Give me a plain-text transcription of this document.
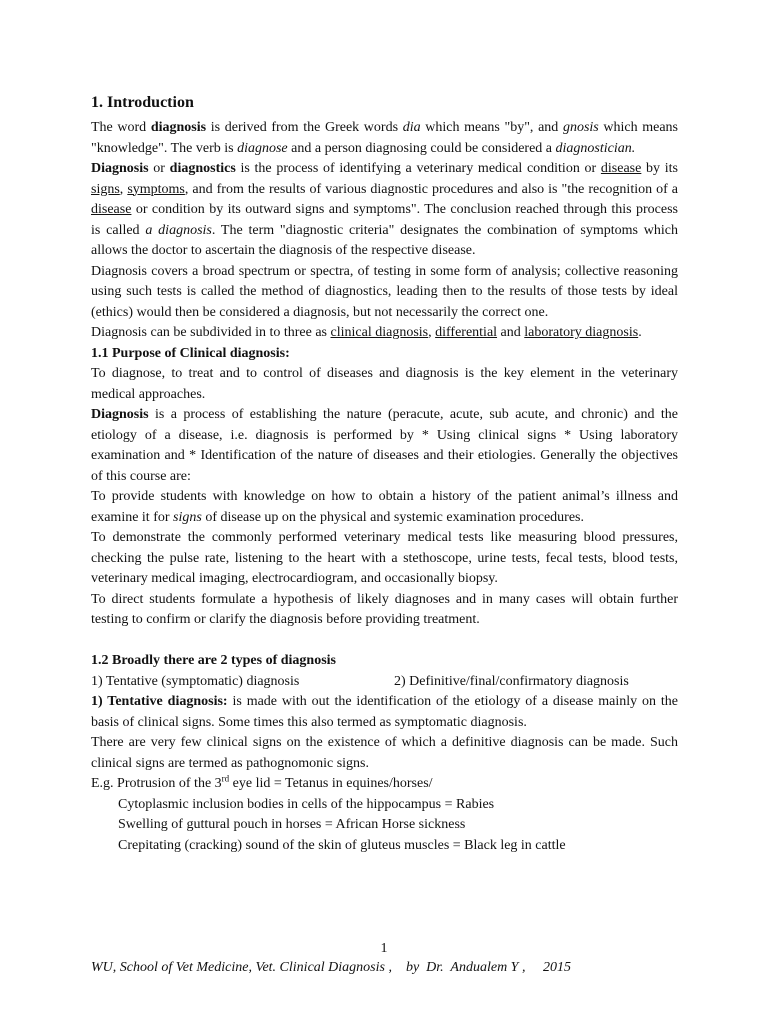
1. Introduction

The word diagnosis is derived from the Greek words dia which means "by", and gnosis which means "knowledge". The verb is diagnose and a person diagnosing could be considered a diagnostician.

Diagnosis or diagnostics is the process of identifying a veterinary medical condition or disease by its signs, symptoms, and from the results of various diagnostic procedures and also is "the recognition of a disease or condition by its outward signs and symptoms". The conclusion reached through this process is called a diagnosis. The term "diagnostic criteria" designates the combination of symptoms which allows the doctor to ascertain the diagnosis of the respective disease.

Diagnosis covers a broad spectrum or spectra, of testing in some form of analysis; collective reasoning using such tests is called the method of diagnostics, leading then to the results of those tests by ideal (ethics) would then be considered a diagnosis, but not necessarily the correct one.

Diagnosis can be subdivided in to three as clinical diagnosis, differential and laboratory diagnosis.

1.1 Purpose of Clinical diagnosis:

To diagnose, to treat and to control of diseases and diagnosis is the key element in the veterinary medical approaches.

Diagnosis is a process of establishing the nature (peracute, acute, sub acute, and chronic) and the etiology of a disease, i.e. diagnosis is performed by * Using clinical signs * Using laboratory examination and * Identification of the nature of diseases and their etiologies. Generally the objectives of this course are:

To provide students with knowledge on how to obtain a history of the patient animal’s illness and examine it for signs of disease up on the physical and systemic examination procedures.

To demonstrate the commonly performed veterinary medical tests like measuring blood pressures, checking the pulse rate, listening to the heart with a stethoscope, urine tests, fecal tests, blood tests, veterinary medical imaging, electrocardiogram, and occasionally biopsy.

To direct students formulate a hypothesis of likely diagnoses and in many cases will obtain further testing to confirm or clarify the diagnosis before providing treatment.

1.2 Broadly there are 2 types of diagnosis
1) Tentative (symptomatic) diagnosis	2) Definitive/final/confirmatory diagnosis

1) Tentative diagnosis: is made with out the identification of the etiology of a disease mainly on the basis of clinical signs. Some times this also termed as symptomatic diagnosis.

There are very few clinical signs on the existence of which a definitive diagnosis can be made. Such clinical signs are termed as pathognomonic signs.

E.g. Protrusion of the 3rd eye lid = Tetanus in equines/horses/

Cytoplasmic inclusion bodies in cells of the hippocampus = Rabies

Swelling of guttural pouch in horses = African Horse sickness

Crepitating (cracking) sound of the skin of gluteus muscles = Black leg in cattle

1
WU, School of Vet Medicine, Vet. Clinical Diagnosis ,    by  Dr.  Andualem Y ,     2015
